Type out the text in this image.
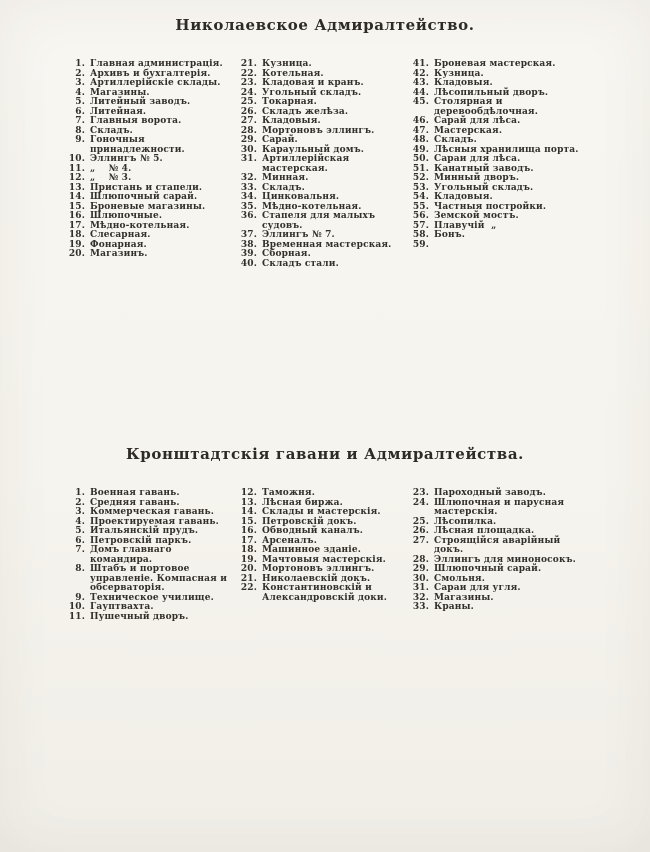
Николаевское Адмиралтейство.
1. Главная администрація.
2. Архивъ и бухгалтерія.
3. Артиллерійскіе склады.
4. Магазины.
5. Литейный заводъ.
6. Литейная.
7. Главныя ворота.
8. Складъ.
9. Гоночныя принадлежности.
10. Эллингъ № 5.
11. „    № 4.
12. „    № 3.
13. Пристань и стапели.
14. Шлюпочный сарай.
15. Броневые магазины.
16. Шлюпочные.
17. Мѣдно-котельная.
18. Слесарная.
19. Фонарная.
20. Магазинъ.
21. Кузница.
22. Котельная.
23. Кладовая и кранъ.
24. Угольный складъ.
25. Токарная.
26. Складъ желѣза.
27. Кладовыя.
28. Мортоновъ эллингъ.
29. Сарай.
30. Караульный домъ.
31. Артиллерійская мастерская.
32. Минная.
33. Складъ.
34. Цинковальня.
35. Мѣдно-котельная.
36. Стапеля для малыхъ судовъ.
37. Эллингъ № 7.
38. Временная мастерская.
39. Сборная.
40. Складъ стали.
41. Броневая мастерская.
42. Кузница.
43. Кладовыя.
44. Лѣсопильный дворъ.
45. Столярная и деревообдѣлочная.
46. Сарай для лѣса.
47. Мастерская.
48. Складъ.
49. Лѣсныя хранилища порта.
50. Сараи для лѣса.
51. Канатный заводъ.
52. Минный дворъ.
53. Угольный складъ.
54. Кладовыя.
55. Частныя постройки.
56. Земской мостъ.
57. Плавучій  „
58. Бонъ.
59.
Кронштадтскія гавани и Адмиралтейства.
1. Военная гавань.
2. Средняя гавань.
3. Коммерческая гавань.
4. Проектируемая гавань.
5. Итальянскій прудъ.
6. Петровскій паркъ.
7. Домъ главнаго командира.
8. Штабъ и портовое управленіе. Компасная и обсерваторія.
9. Техническое училище.
10. Гауптвахта.
11. Пушечный дворъ.
12. Таможня.
13. Лѣсная биржа.
14. Склады и мастерскія.
15. Петровскій докъ.
16. Обводный каналъ.
17. Арсеналъ.
18. Машинное зданіе.
19. Мачтовыя мастерскія.
20. Мортоновъ эллингъ.
21. Николаевскій докъ.
22. Константиновскій и Александровскій доки.
23. Пароходный заводъ.
24. Шлюпочная и парусная мастерскія.
25. Лѣсопилка.
26. Лѣсная площадка.
27. Строящійся аварійный докъ.
28. Эллингъ для миноносокъ.
29. Шлюпочный сарай.
30. Смольня.
31. Сараи для угля.
32. Магазины.
33. Краны.
